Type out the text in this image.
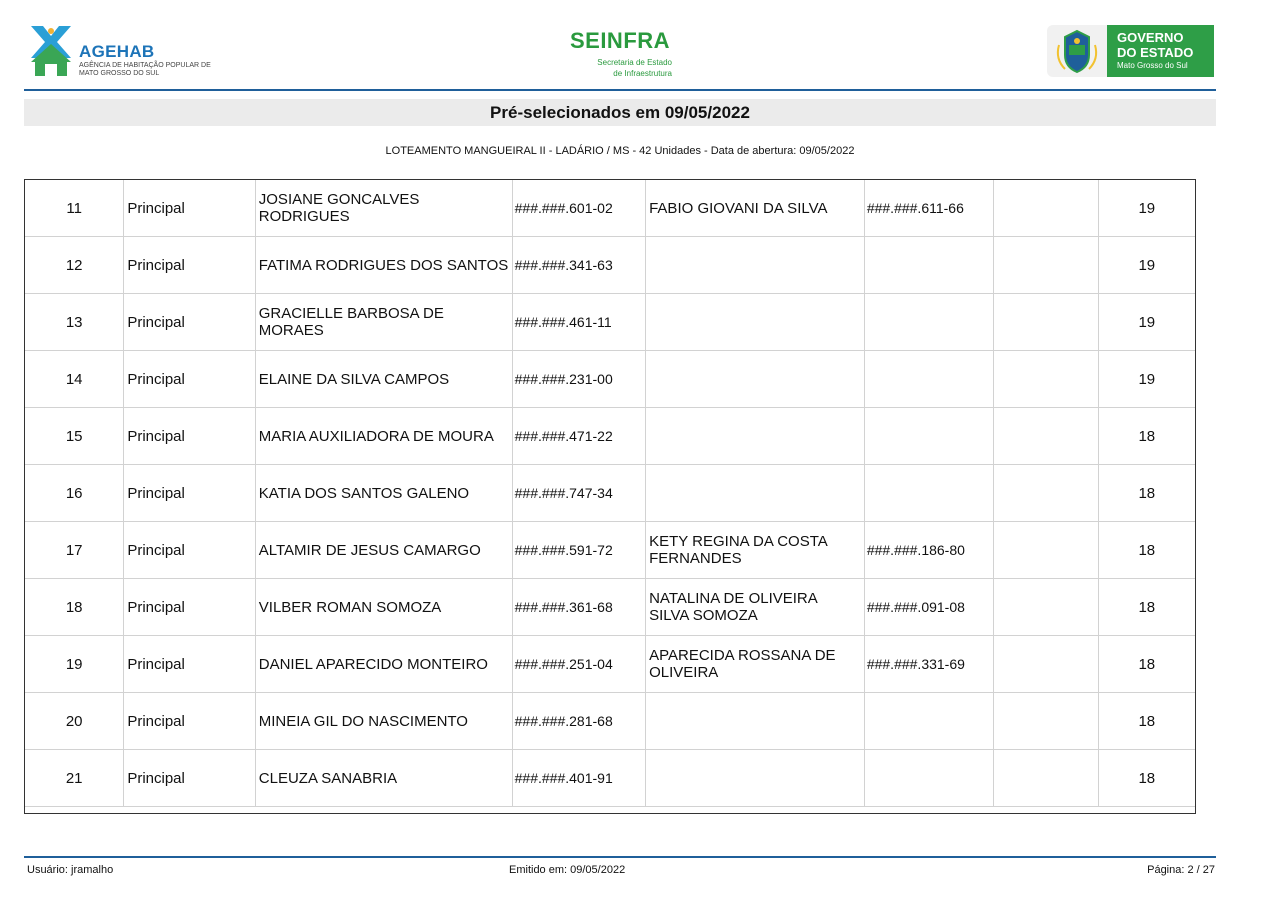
AGEHAB
AGÊNCIA DE HABITAÇÃO POPULAR DE MATO GROSSO DO SUL
SEINFRA
Secretaria de Estado
de Infraestrutura
GOVERNO
DO ESTADO
Mato Grosso do Sul
Pré-selecionados em 09/05/2022
LOTEAMENTO MANGUEIRAL II - LADÁRIO / MS - 42 Unidades - Data de abertura: 09/05/2022
11	Principal	JOSIANE GONCALVES RODRIGUES	###.###.601-02	FABIO GIOVANI DA SILVA	###.###.611-66		19
12	Principal	FATIMA RODRIGUES DOS SANTOS	###.###.341-63				19
13	Principal	GRACIELLE BARBOSA DE MORAES	###.###.461-11				19
14	Principal	ELAINE DA SILVA CAMPOS	###.###.231-00				19
15	Principal	MARIA AUXILIADORA DE MOURA	###.###.471-22				18
16	Principal	KATIA DOS SANTOS GALENO	###.###.747-34				18
17	Principal	ALTAMIR DE JESUS CAMARGO	###.###.591-72	KETY REGINA DA COSTA FERNANDES	###.###.186-80		18
18	Principal	VILBER ROMAN SOMOZA	###.###.361-68	NATALINA DE OLIVEIRA SILVA SOMOZA	###.###.091-08		18
19	Principal	DANIEL APARECIDO MONTEIRO	###.###.251-04	APARECIDA ROSSANA DE OLIVEIRA	###.###.331-69		18
20	Principal	MINEIA GIL DO NASCIMENTO	###.###.281-68				18
21	Principal	CLEUZA SANABRIA	###.###.401-91				18
Usuário: jramalho	Emitido em: 09/05/2022	Página: 2 / 27
